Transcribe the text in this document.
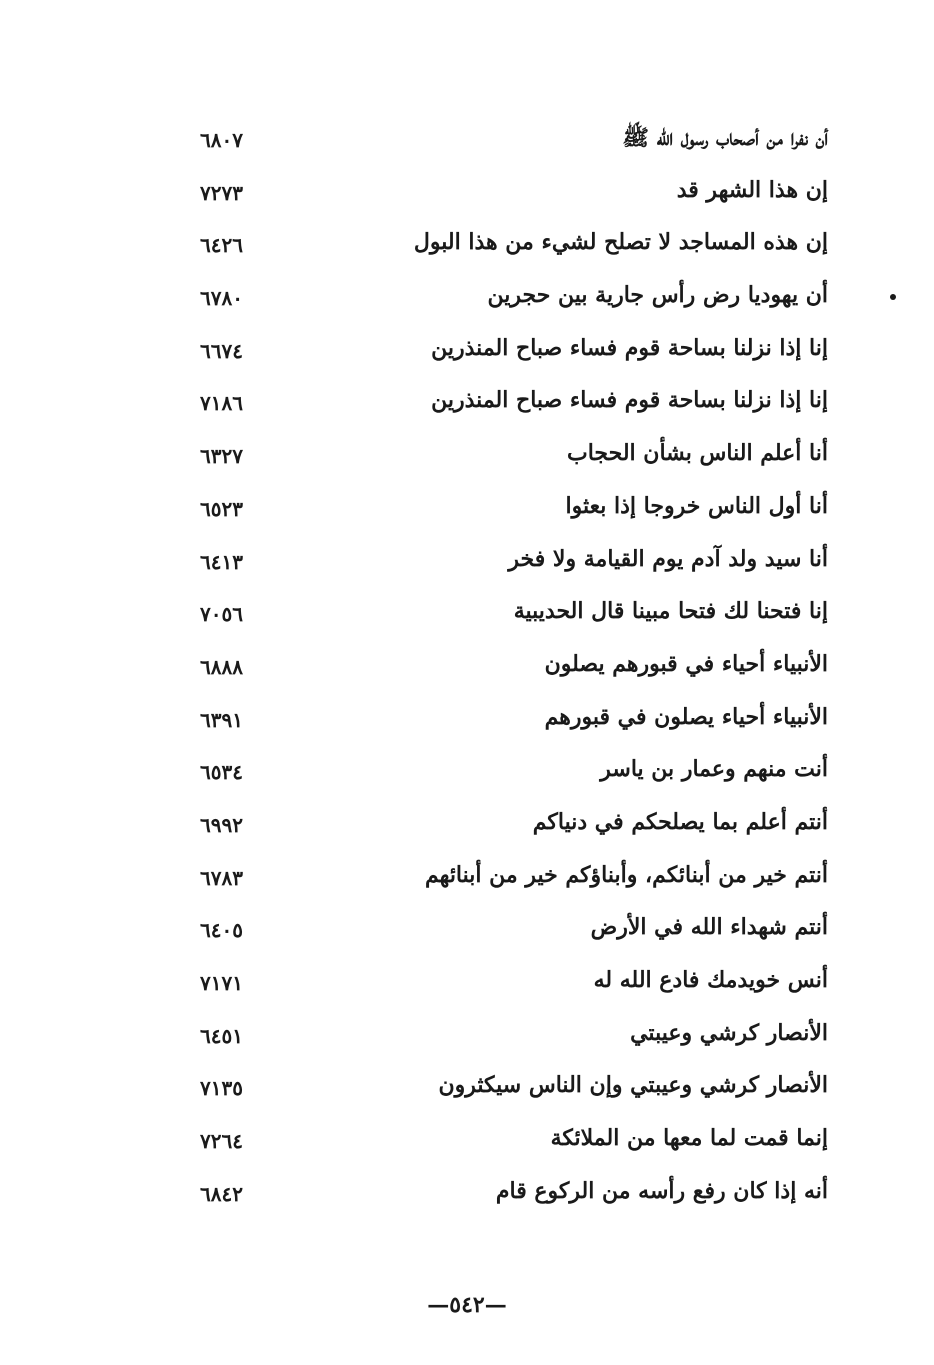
أن نفرا من أصحاب رسول الله ﷺ
٦٨٠٧
إن هذا الشهر قد
٧٢٧٣
إن هذه المساجد لا تصلح لشيء من هذا البول
٦٤٢٦
أن يهوديا رض رأس جارية بين حجرين
٦٧٨٠
إنا إذا نزلنا بساحة قوم فساء صباح المنذرين
٦٦٧٤
إنا إذا نزلنا بساحة قوم فساء صباح المنذرين
٧١٨٦
أنا أعلم الناس بشأن الحجاب
٦٣٢٧
أنا أول الناس خروجا إذا بعثوا
٦٥٢٣
أنا سيد ولد آدم يوم القيامة ولا فخر
٦٤١٣
إنا فتحنا لك فتحا مبينا قال الحديبية
٧٠٥٦
الأنبياء أحياء في قبورهم يصلون
٦٨٨٨
الأنبياء أحياء يصلون في قبورهم
٦٣٩١
أنت منهم وعمار بن ياسر
٦٥٣٤
أنتم أعلم بما يصلحكم في دنياكم
٦٩٩٢
أنتم خير من أبنائكم، وأبناؤكم خير من أبنائهم
٦٧٨٣
أنتم شهداء الله في الأرض
٦٤٠٥
أنس خويدمك فادع الله له
٧١٧١
الأنصار كرشي وعيبتي
٦٤٥١
الأنصار كرشي وعيبتي وإن الناس سيكثرون
٧١٣٥
إنما قمت لما معها من الملائكة
٧٢٦٤
أنه إذا كان رفع رأسه من الركوع قام
٦٨٤٢
—٥٤٢—
